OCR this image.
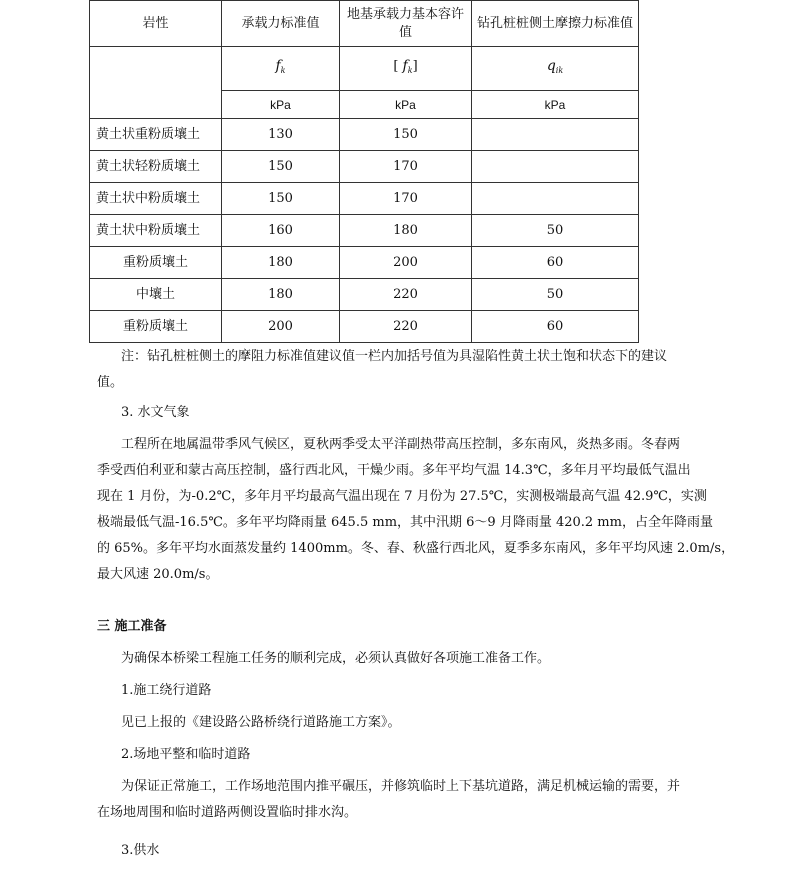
岩性	承载力标准值	地基承载力基本容许值	钻孔桩桩侧土摩擦力标准值
	$f_k$	[ $f_k$]	$q_{ik}$
	kPa	kPa	kPa
黄土状重粉质壤土	130	150	
黄土状轻粉质壤土	150	170	
黄土状中粉质壤土	150	170	
黄土状中粉质壤土	160	180	50
重粉质壤土	180	200	60
中壤土	180	220	50
重粉质壤土	200	220	60
注：钻孔桩桩侧土的摩阻力标准值建议值一栏内加括号值为具湿陷性黄土状土饱和状态下的建议
值。
3. 水文气象
工程所在地属温带季风气候区，夏秋两季受太平洋副热带高压控制，多东南风，炎热多雨。冬春两
季受西伯利亚和蒙古高压控制，盛行西北风，干燥少雨。多年平均气温 14.3℃，多年月平均最低气温出
现在 1 月份，为-0.2℃，多年月平均最高气温出现在 7 月份为 27.5℃，实测极端最高气温 42.9℃，实测
极端最低气温-16.5℃。多年平均降雨量 645.5 mm，其中汛期 6～9 月降雨量 420.2 mm，占全年降雨量
的 65%。多年平均水面蒸发量约 1400mm。冬、春、秋盛行西北风，夏季多东南风，多年平均风速 2.0m/s，
最大风速 20.0m/s。
三 施工准备
为确保本桥梁工程施工任务的顺利完成，必须认真做好各项施工准备工作。
1.施工绕行道路
见已上报的《建设路公路桥绕行道路施工方案》。
2.场地平整和临时道路
为保证正常施工，工作场地范围内推平碾压，并修筑临时上下基坑道路，满足机械运输的需要，并
在场地周围和临时道路两侧设置临时排水沟。
3.供水
